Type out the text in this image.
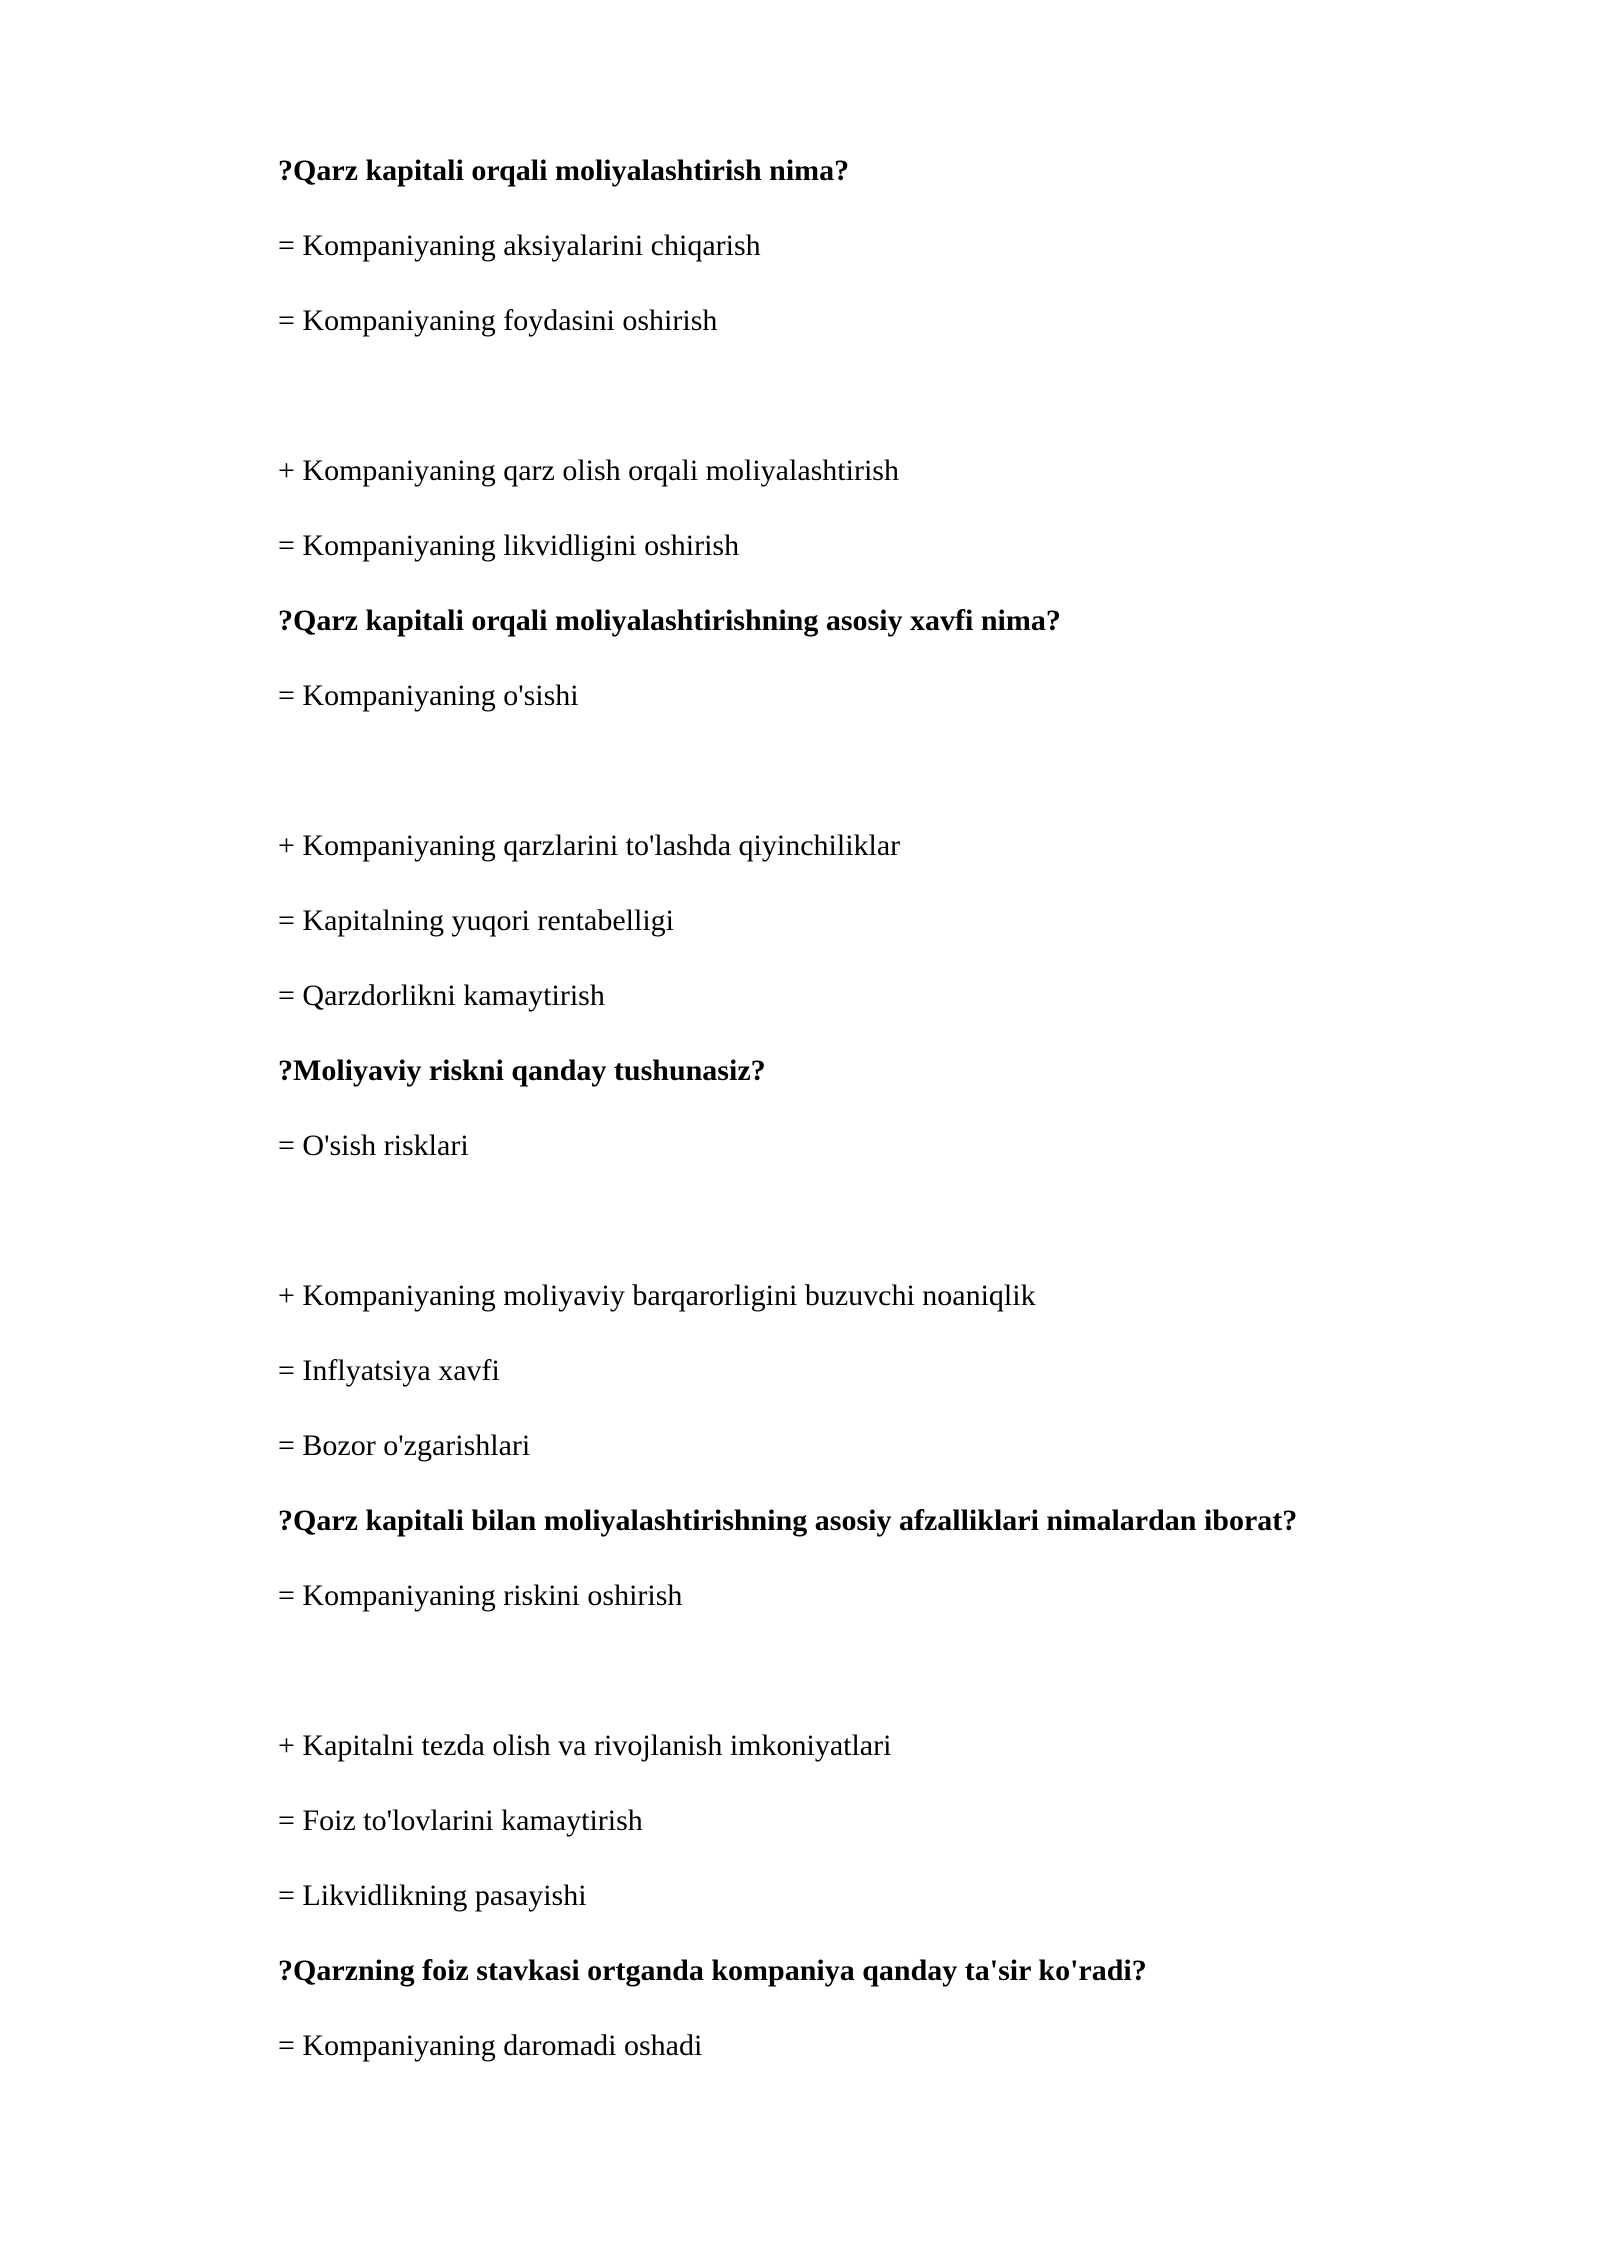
?Qarz kapitali orqali moliyalashtirish nima?
= Kompaniyaning aksiyalarini chiqarish
= Kompaniyaning foydasini oshirish
+ Kompaniyaning qarz olish orqali moliyalashtirish
= Kompaniyaning likvidligini oshirish
?Qarz kapitali orqali moliyalashtirishning asosiy xavfi nima?
= Kompaniyaning o'sishi
+ Kompaniyaning qarzlarini to'lashda qiyinchiliklar
= Kapitalning yuqori rentabelligi
= Qarzdorlikni kamaytirish
?Moliyaviy riskni qanday tushunasiz?
= O'sish risklari
+ Kompaniyaning moliyaviy barqarorligini buzuvchi noaniqlik
= Inflyatsiya xavfi
= Bozor o'zgarishlari
?Qarz kapitali bilan moliyalashtirishning asosiy afzalliklari nimalardan iborat?
= Kompaniyaning riskini oshirish
+ Kapitalni tezda olish va rivojlanish imkoniyatlari
= Foiz to'lovlarini kamaytirish
= Likvidlikning pasayishi
?Qarzning foiz stavkasi ortganda kompaniya qanday ta'sir ko'radi?
= Kompaniyaning daromadi oshadi
